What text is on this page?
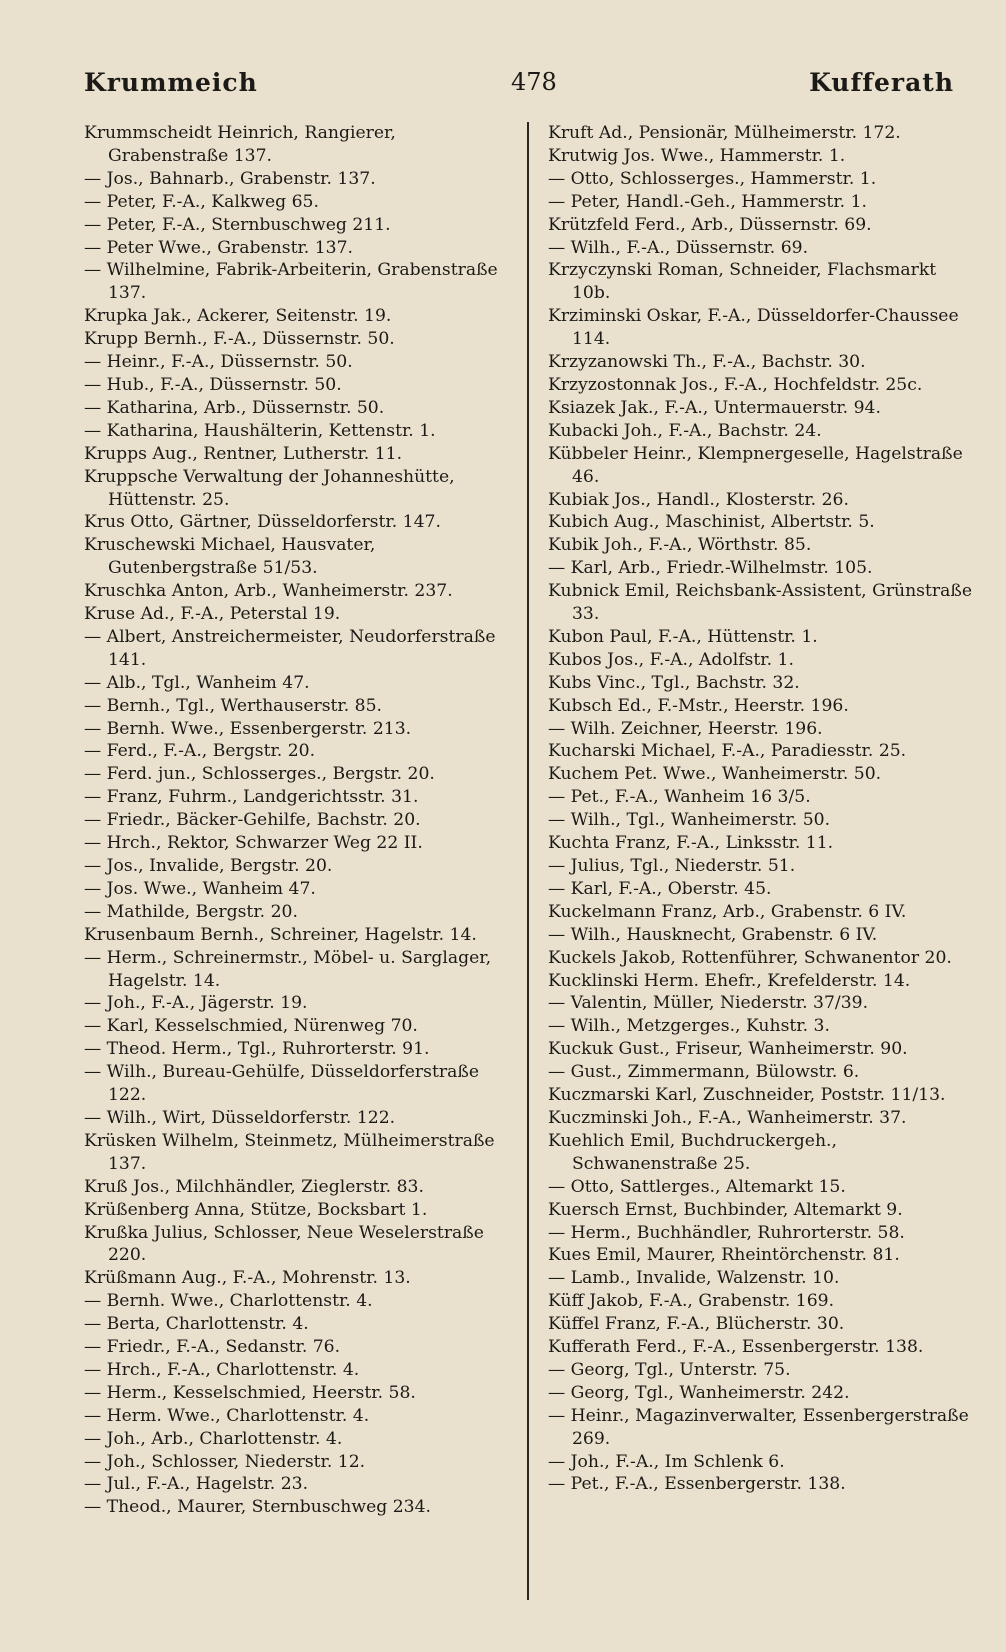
Krummeich	478	Kufferath
Krummscheidt Heinrich, Rangierer, Grabenstraße 137.
— Jos., Bahnarb., Grabenstr. 137.
— Peter, F.-A., Kalkweg 65.
— Peter, F.-A., Sternbuschweg 211.
— Peter Wwe., Grabenstr. 137.
— Wilhelmine, Fabrik-Arbeiterin, Grabenstraße 137.
Krupka Jak., Ackerer, Seitenstr. 19.
Krupp Bernh., F.-A., Düssernstr. 50.
— Heinr., F.-A., Düssernstr. 50.
— Hub., F.-A., Düssernstr. 50.
— Katharina, Arb., Düssernstr. 50.
— Katharina, Haushälterin, Kettenstr. 1.
Krupps Aug., Rentner, Lutherstr. 11.
Kruppsche Verwaltung der Johanneshütte, Hüttenstr. 25.
Krus Otto, Gärtner, Düsseldorferstr. 147.
Kruschewski Michael, Hausvater, Gutenbergstraße 51/53.
Kruschka Anton, Arb., Wanheimerstr. 237.
Kruse Ad., F.-A., Peterstal 19.
— Albert, Anstreichermeister, Neudorferstraße 141.
— Alb., Tgl., Wanheim 47.
— Bernh., Tgl., Werthauserstr. 85.
— Bernh. Wwe., Essenbergerstr. 213.
— Ferd., F.-A., Bergstr. 20.
— Ferd. jun., Schlosserges., Bergstr. 20.
— Franz, Fuhrm., Landgerichtsstr. 31.
— Friedr., Bäcker-Gehilfe, Bachstr. 20.
— Hrch., Rektor, Schwarzer Weg 22 II.
— Jos., Invalide, Bergstr. 20.
— Jos. Wwe., Wanheim 47.
— Mathilde, Bergstr. 20.
Krusenbaum Bernh., Schreiner, Hagelstr. 14.
— Herm., Schreinermstr., Möbel- u. Sarglager, Hagelstr. 14.
— Joh., F.-A., Jägerstr. 19.
— Karl, Kesselschmied, Nürenweg 70.
— Theod. Herm., Tgl., Ruhrorterstr. 91.
— Wilh., Bureau-Gehülfe, Düsseldorferstraße 122.
— Wilh., Wirt, Düsseldorferstr. 122.
Krüsken Wilhelm, Steinmetz, Mülheimerstraße 137.
Kruß Jos., Milchhändler, Zieglerstr. 83.
Krüßenberg Anna, Stütze, Bocksbart 1.
Krußka Julius, Schlosser, Neue Weselerstraße 220.
Krüßmann Aug., F.-A., Mohrenstr. 13.
— Bernh. Wwe., Charlottenstr. 4.
— Berta, Charlottenstr. 4.
— Friedr., F.-A., Sedanstr. 76.
— Hrch., F.-A., Charlottenstr. 4.
— Herm., Kesselschmied, Heerstr. 58.
— Herm. Wwe., Charlottenstr. 4.
— Joh., Arb., Charlottenstr. 4.
— Joh., Schlosser, Niederstr. 12.
— Jul., F.-A., Hagelstr. 23.
— Theod., Maurer, Sternbuschweg 234.
Kruft Ad., Pensionär, Mülheimerstr. 172.
Krutwig Jos. Wwe., Hammerstr. 1.
— Otto, Schlosserges., Hammerstr. 1.
— Peter, Handl.-Geh., Hammerstr. 1.
Krützfeld Ferd., Arb., Düssernstr. 69.
— Wilh., F.-A., Düssernstr. 69.
Krzyczynski Roman, Schneider, Flachsmarkt 10b.
Krziminski Oskar, F.-A., Düsseldorfer-Chaussee 114.
Krzyzanowski Th., F.-A., Bachstr. 30.
Krzyzostonnak Jos., F.-A., Hochfeldstr. 25c.
Ksiazek Jak., F.-A., Untermauerstr. 94.
Kubacki Joh., F.-A., Bachstr. 24.
Kübbeler Heinr., Klempnergeselle, Hagelstraße 46.
Kubiak Jos., Handl., Klosterstr. 26.
Kubich Aug., Maschinist, Albertstr. 5.
Kubik Joh., F.-A., Wörthstr. 85.
— Karl, Arb., Friedr.-Wilhelmstr. 105.
Kubnick Emil, Reichsbank-Assistent, Grünstraße 33.
Kubon Paul, F.-A., Hüttenstr. 1.
Kubos Jos., F.-A., Adolfstr. 1.
Kubs Vinc., Tgl., Bachstr. 32.
Kubsch Ed., F.-Mstr., Heerstr. 196.
— Wilh. Zeichner, Heerstr. 196.
Kucharski Michael, F.-A., Paradiesstr. 25.
Kuchem Pet. Wwe., Wanheimerstr. 50.
— Pet., F.-A., Wanheim 16 3/5.
— Wilh., Tgl., Wanheimerstr. 50.
Kuchta Franz, F.-A., Linksstr. 11.
— Julius, Tgl., Niederstr. 51.
— Karl, F.-A., Oberstr. 45.
Kuckelmann Franz, Arb., Grabenstr. 6 IV.
— Wilh., Hausknecht, Grabenstr. 6 IV.
Kuckels Jakob, Rottenführer, Schwanentor 20.
Kucklinski Herm. Ehefr., Krefelderstr. 14.
— Valentin, Müller, Niederstr. 37/39.
— Wilh., Metzgerges., Kuhstr. 3.
Kuckuk Gust., Friseur, Wanheimerstr. 90.
— Gust., Zimmermann, Bülowstr. 6.
Kuczmarski Karl, Zuschneider, Poststr. 11/13.
Kuczminski Joh., F.-A., Wanheimerstr. 37.
Kuehlich Emil, Buchdruckergeh., Schwanenstraße 25.
— Otto, Sattlerges., Altemarkt 15.
Kuersch Ernst, Buchbinder, Altemarkt 9.
— Herm., Buchhändler, Ruhrorterstr. 58.
Kues Emil, Maurer, Rheintörchenstr. 81.
— Lamb., Invalide, Walzenstr. 10.
Küff Jakob, F.-A., Grabenstr. 169.
Küffel Franz, F.-A., Blücherstr. 30.
Kufferath Ferd., F.-A., Essenbergerstr. 138.
— Georg, Tgl., Unterstr. 75.
— Georg, Tgl., Wanheimerstr. 242.
— Heinr., Magazinverwalter, Essenbergerstraße 269.
— Joh., F.-A., Im Schlenk 6.
— Pet., F.-A., Essenbergerstr. 138.
